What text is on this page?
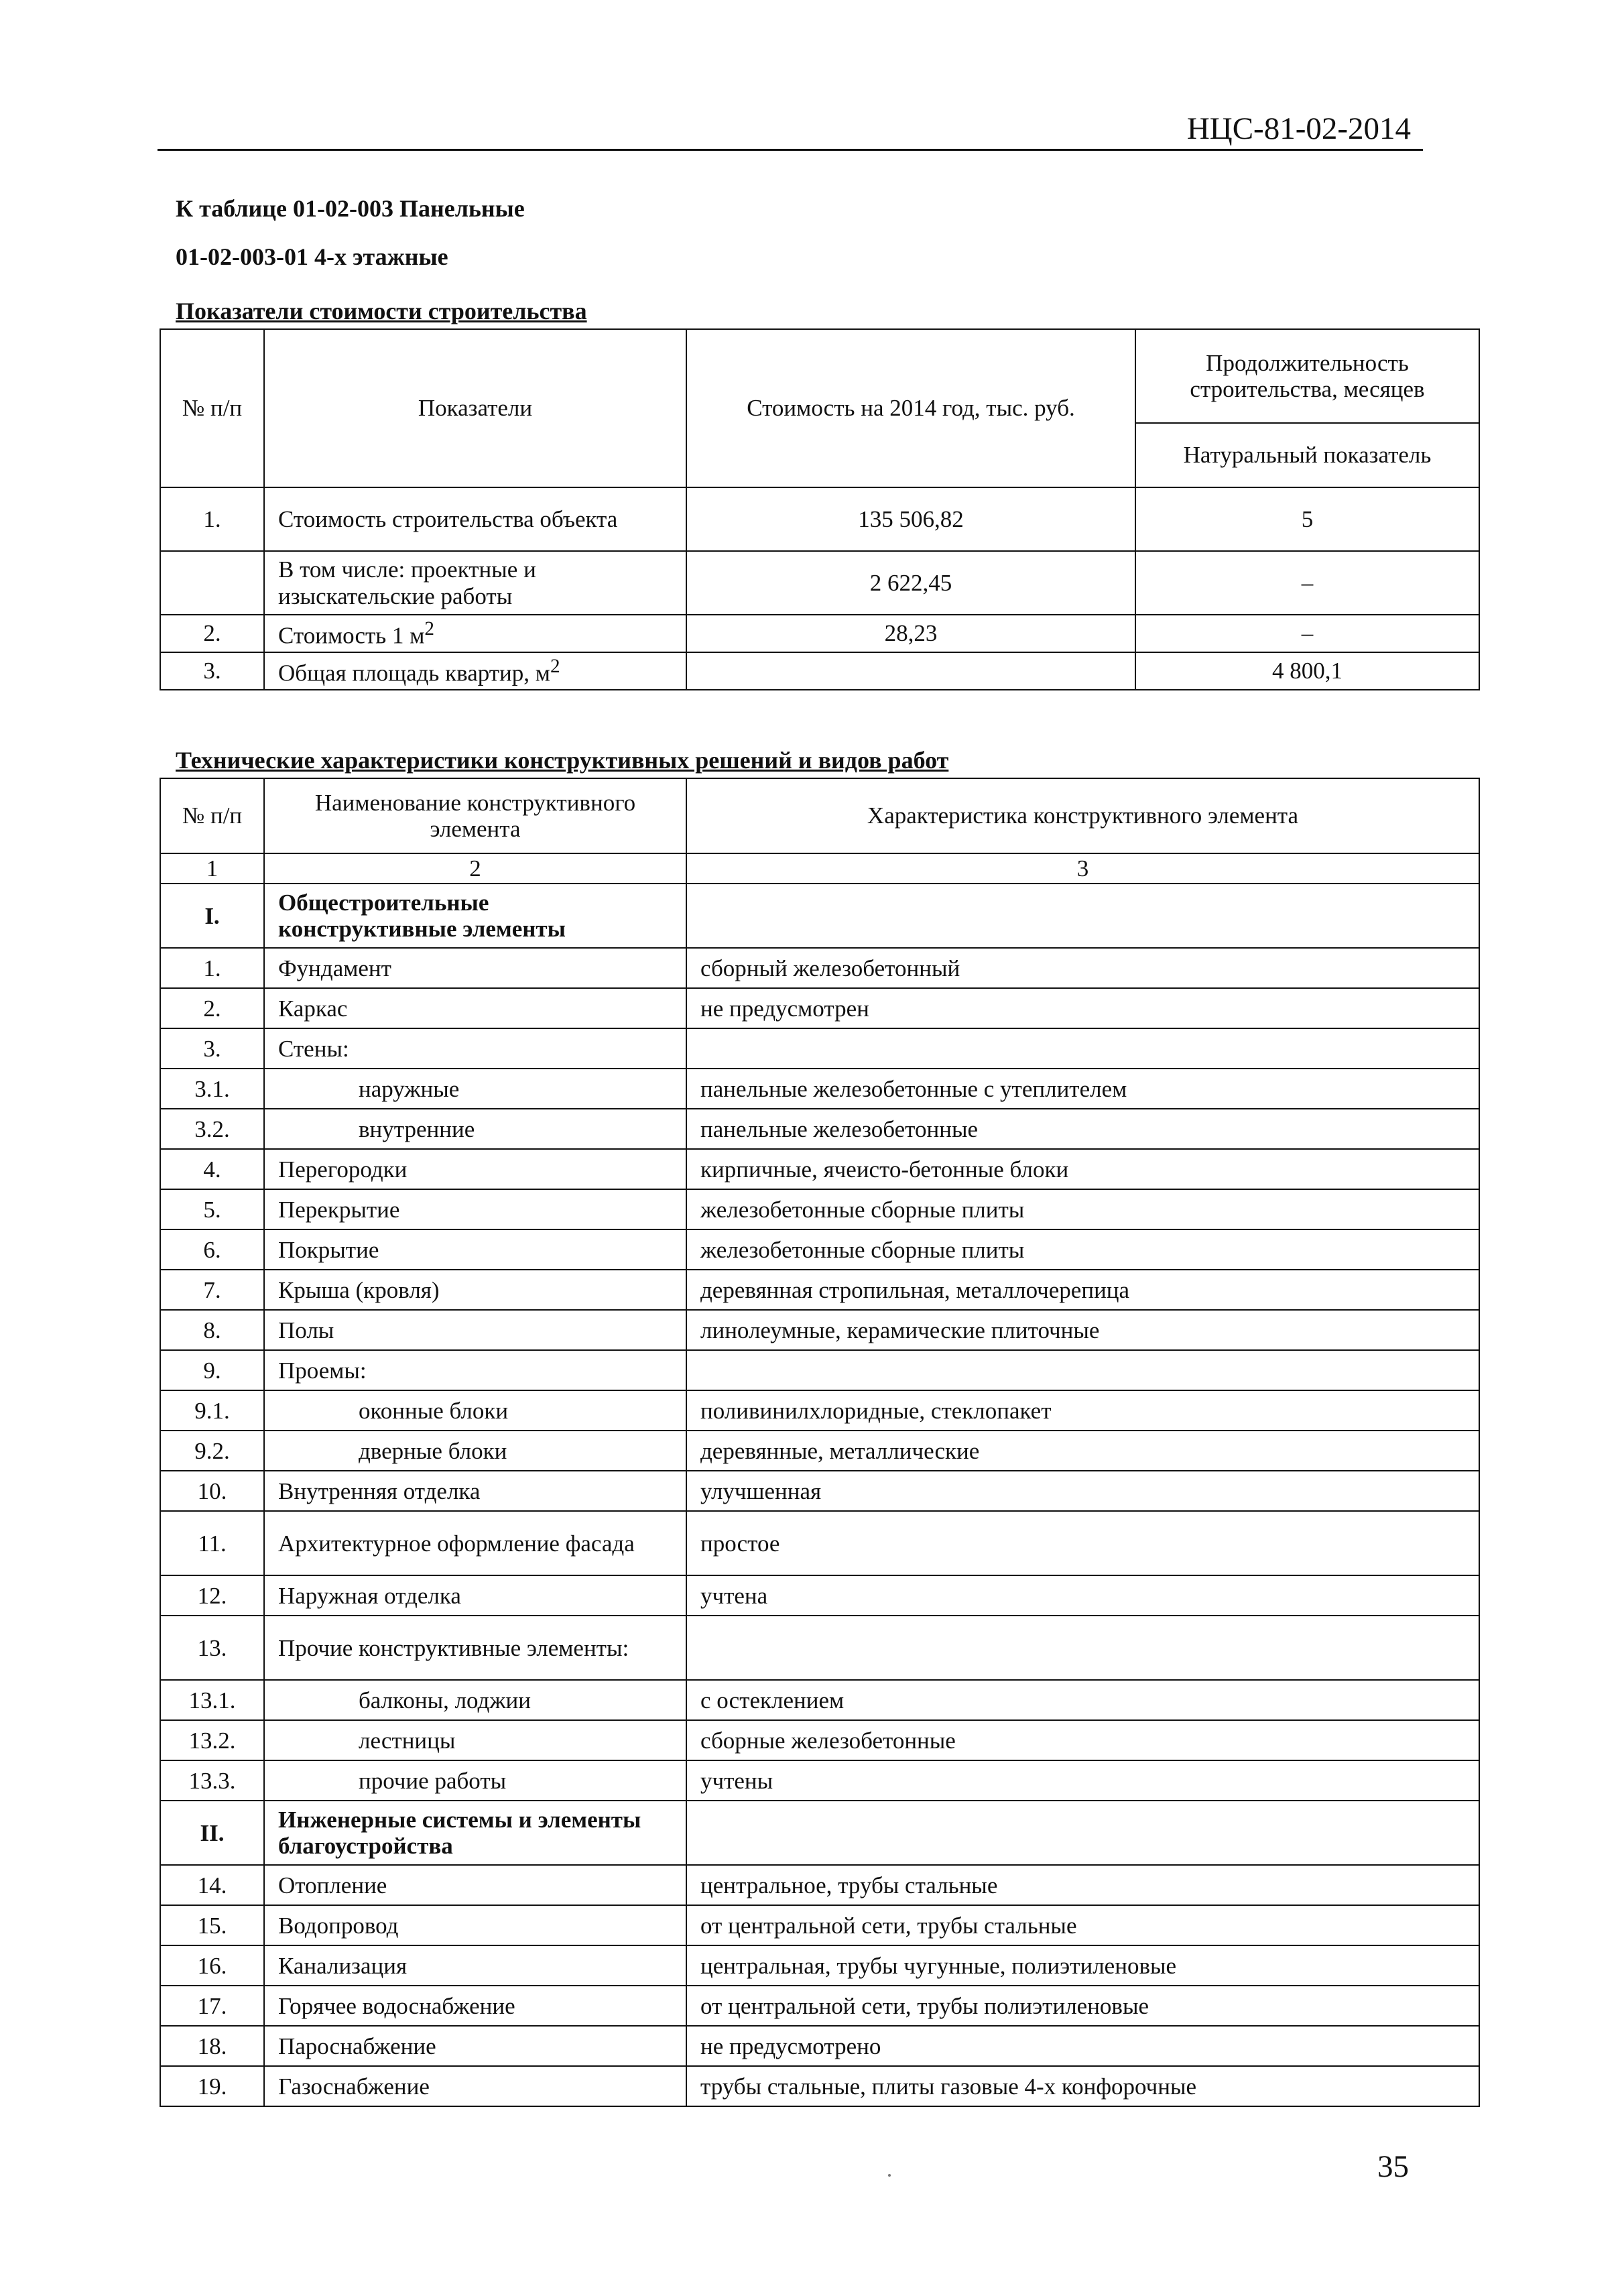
НЦС-81-02-2014
К таблице 01-02-003 Панельные
01-02-003-01 4-х этажные
Показатели стоимости строительства
№ п/п	Показатели	Стоимость на 2014 год, тыс. руб.	Продолжительность строительства, месяцев
			Натуральный показатель
1.	Стоимость строительства объекта	135 506,82	5
	В том числе: проектные и изыскательские работы	2 622,45	–
2.	Стоимость 1 $м^2$	28,23	–
3.	Общая площадь квартир, $м^2$		4 800,1
Технические характеристики конструктивных решений и видов работ
№ п/п	Наименование конструктивного элемента	Характеристика конструктивного элемента
1	2	3
I.	Общестроительные конструктивные элементы	
1.	Фундамент	сборный железобетонный
2.	Каркас	не предусмотрен
3.	Стены:	
3.1.	наружные	панельные железобетонные с утеплителем
3.2.	внутренние	панельные железобетонные
4.	Перегородки	кирпичные, ячеисто-бетонные блоки
5.	Перекрытие	железобетонные сборные плиты
6.	Покрытие	железобетонные сборные плиты
7.	Крыша (кровля)	деревянная стропильная, металлочерепица
8.	Полы	линолеумные, керамические плиточные
9.	Проемы:	
9.1.	оконные блоки	поливинилхлоридные, стеклопакет
9.2.	дверные блоки	деревянные, металлические
10.	Внутренняя отделка	улучшенная
11.	Архитектурное оформление фасада	простое
12.	Наружная отделка	учтена
13.	Прочие конструктивные элементы:	
13.1.	балконы, лоджии	с остеклением
13.2.	лестницы	сборные железобетонные
13.3.	прочие работы	учтены
II.	Инженерные системы и элементы благоустройства	
14.	Отопление	центральное, трубы стальные
15.	Водопровод	от центральной сети, трубы стальные
16.	Канализация	центральная, трубы чугунные, полиэтиленовые
17.	Горячее водоснабжение	от центральной сети, трубы полиэтиленовые
18.	Пароснабжение	не предусмотрено
19.	Газоснабжение	трубы стальные, плиты газовые 4-х конфорочные
35
